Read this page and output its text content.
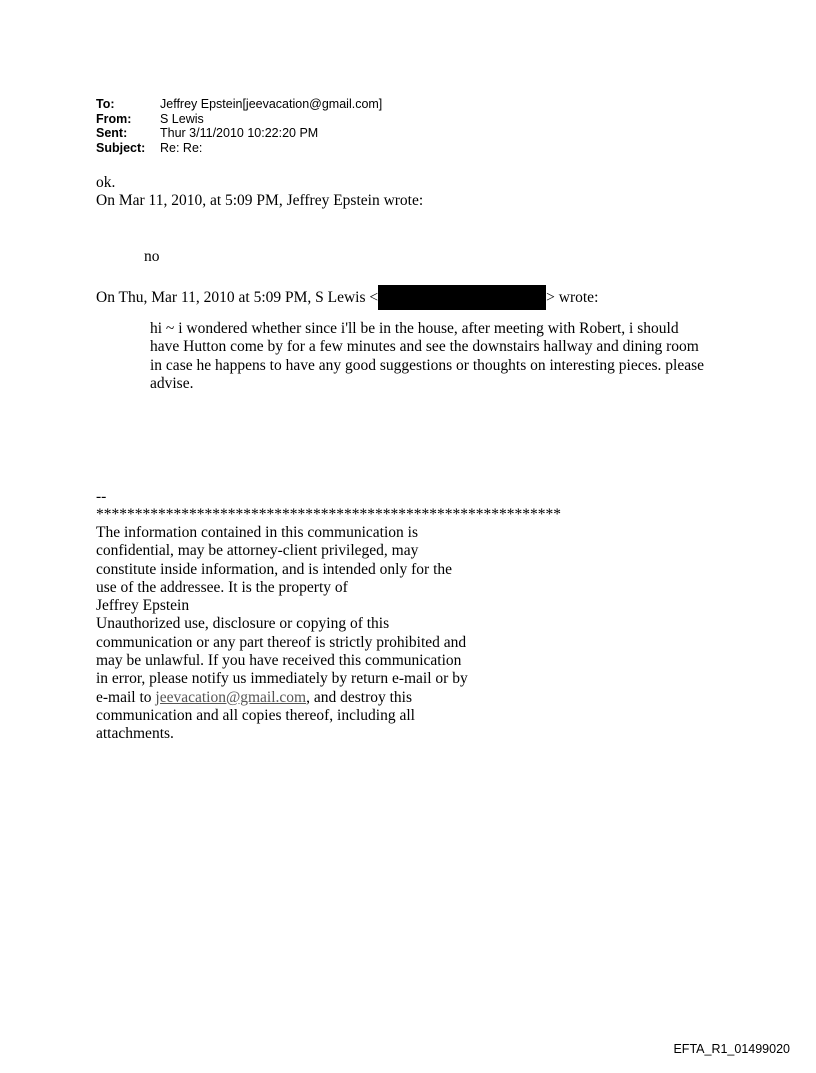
To:	Jeffrey Epstein[jeevacation@gmail.com]
From:	S Lewis
Sent:	Thur 3/11/2010 10:22:20 PM
Subject:	Re: Re:
ok.
On Mar 11, 2010, at 5:09 PM, Jeffrey Epstein wrote:
no
On Thu, Mar 11, 2010 at 5:09 PM, S Lewis <	> wrote:
hi ~ i wondered whether since i'll be in the house, after meeting with Robert, i should have Hutton come by for a few minutes and see the downstairs hallway and dining room in case he happens to have any good suggestions or thoughts on interesting pieces. please advise.
--
************************************************************
The information contained in this communication is confidential, may be attorney-client privileged, may constitute inside information, and is intended only for the use of the addressee. It is the property of
Jeffrey Epstein
Unauthorized use, disclosure or copying of this communication or any part thereof is strictly prohibited and may be unlawful. If you have received this communication in error, please notify us immediately by return e-mail or by e-mail to jeevacation@gmail.com, and destroy this communication and all copies thereof, including all attachments.
EFTA_R1_01499020
